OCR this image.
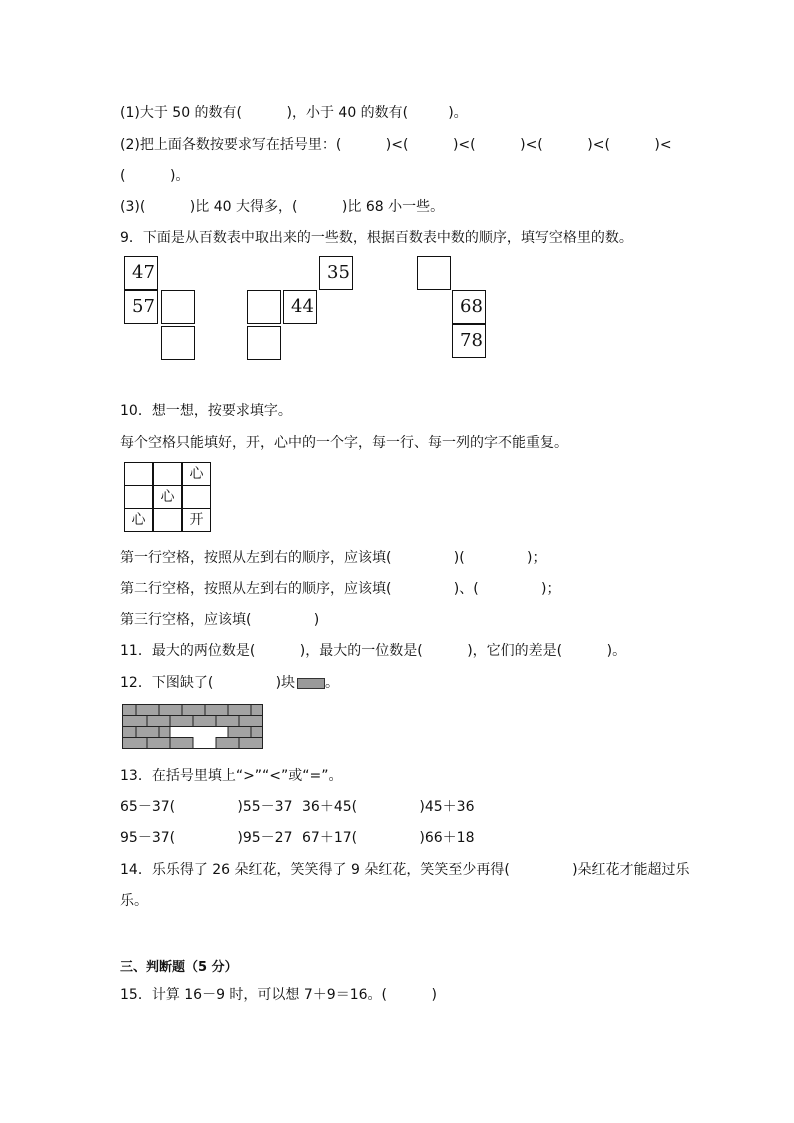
(1)大于 50 的数有(          )，小于 40 的数有(         )。
(2)把上面各数按要求写在括号里：(          )<(          )<(          )<(          )<(          )<
(          )。
(3)(          )比 40 大得多，(          )比 68 小一些。
9．下面是从百数表中取出来的一些数，根据百数表中数的顺序，填写空格里的数。
47
57
35
44	68
78
10．想一想，按要求填字。
每个空格只能填好，开，心中的一个字，每一行、每一列的字不能重复。
心
心
心	开
第一行空格，按照从左到右的顺序，应该填(              )(              )；
第二行空格，按照从左到右的顺序，应该填(              )、(              )；
第三行空格，应该填(              )
11．最大的两位数是(          )，最大的一位数是(          )，它们的差是(          )。
12．下图缺了(              )块 。
13．在括号里填上“>”“<”或“=”。
65－37(              )55－37 36＋45(              )45＋36
95－37(              )95－27 67＋17(              )66＋18
14．乐乐得了 26 朵红花，笑笑得了 9 朵红花，笑笑至少再得(              )朵红花才能超过乐
乐。
三、判断题（5 分）
15．计算 16－9 时，可以想 7＋9＝16。(          )
